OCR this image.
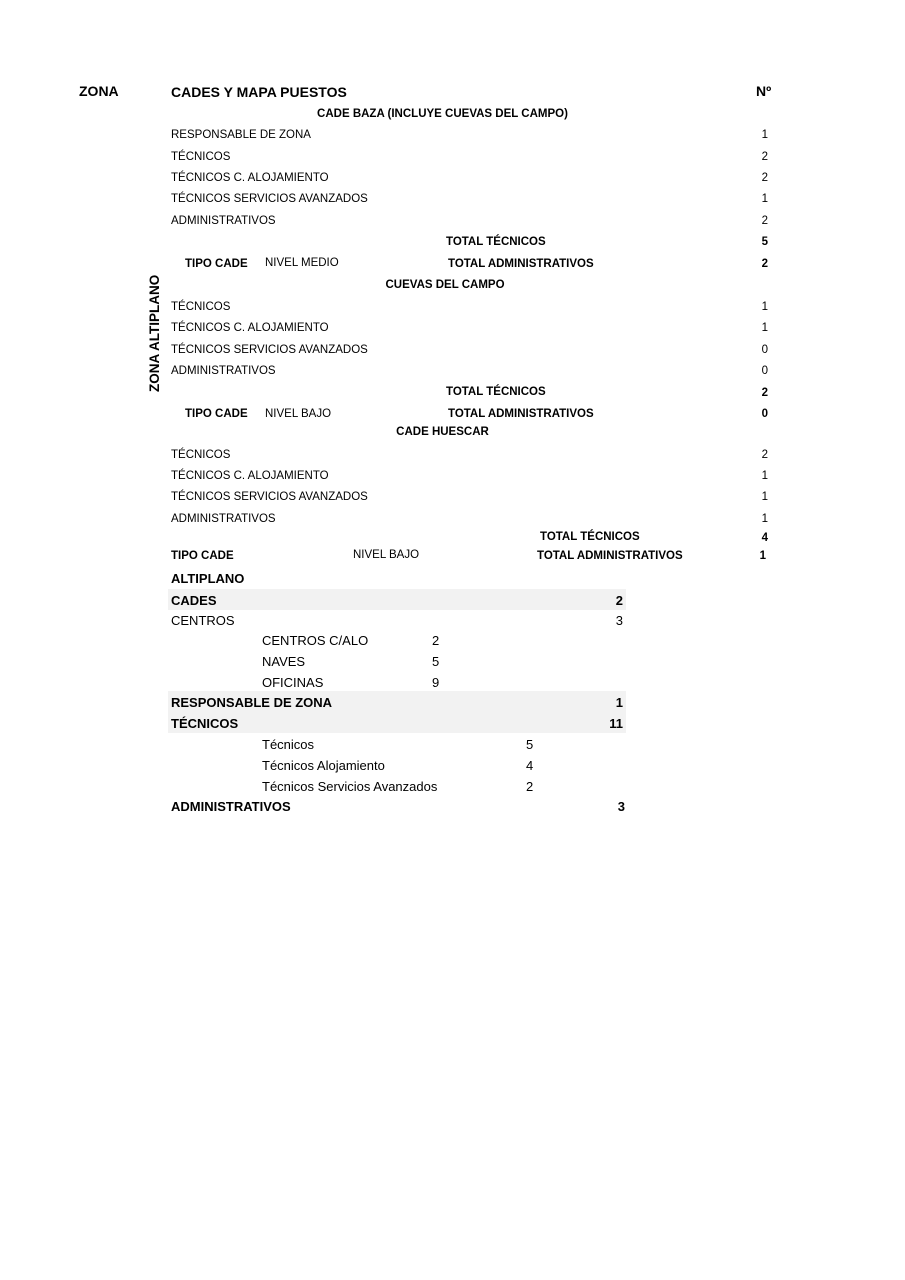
ZONA	CADES Y MAPA PUESTOS	Nº
ZONA ALTIPLANO
CADE BAZA (INCLUYE CUEVAS DEL CAMPO)
RESPONSABLE DE ZONA	1
TÉCNICOS	2
TÉCNICOS C. ALOJAMIENTO	2
TÉCNICOS SERVICIOS AVANZADOS	1
ADMINISTRATIVOS	2
TOTAL TÉCNICOS	5
TIPO CADE NIVEL MEDIO	TOTAL ADMINISTRATIVOS	2
CUEVAS DEL CAMPO
TÉCNICOS	1
TÉCNICOS C. ALOJAMIENTO	1
TÉCNICOS SERVICIOS AVANZADOS	0
ADMINISTRATIVOS	0
TOTAL TÉCNICOS	2
TIPO CADE NIVEL BAJO	TOTAL ADMINISTRATIVOS	0
CADE HUESCAR
TÉCNICOS	2
TÉCNICOS C. ALOJAMIENTO	1
TÉCNICOS SERVICIOS AVANZADOS	1
ADMINISTRATIVOS	1
TOTAL TÉCNICOS	4
TIPO CADE	NIVEL BAJO	TOTAL ADMINISTRATIVOS	1
ALTIPLANO
CADES	2
CENTROS	3
CENTROS C/ALO	2
NAVES	5
OFICINAS	9
RESPONSABLE DE ZONA	1
TÉCNICOS	11
Técnicos	5
Técnicos Alojamiento	4
Técnicos Servicios Avanzados	2
ADMINISTRATIVOS	3
